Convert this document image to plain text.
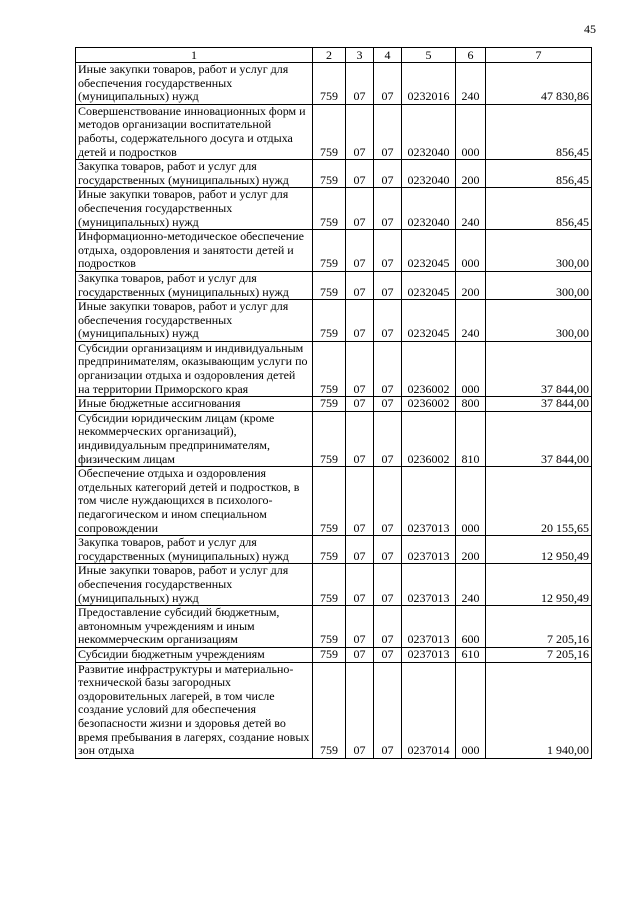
45
1	2	3	4	5	6	7
Иные закупки товаров, работ и услуг для обеспечения государственных (муниципальных) нужд	759	07	07	0232016	240	47 830,86
Совершенствование инновационных форм и методов организации воспитательной работы, содержательного досуга и отдыха детей и подростков	759	07	07	0232040	000	856,45
Закупка товаров, работ и услуг для государственных (муниципальных) нужд	759	07	07	0232040	200	856,45
Иные закупки товаров, работ и услуг для обеспечения государственных (муниципальных) нужд	759	07	07	0232040	240	856,45
Информационно-методическое обеспечение отдыха, оздоровления и занятости детей и подростков	759	07	07	0232045	000	300,00
Закупка товаров, работ и услуг для государственных (муниципальных) нужд	759	07	07	0232045	200	300,00
Иные закупки товаров, работ и услуг для обеспечения государственных (муниципальных) нужд	759	07	07	0232045	240	300,00
Субсидии организациям и индивидуальным предпринимателям, оказывающим услуги по организации отдыха и оздоровления детей на территории Приморского края	759	07	07	0236002	000	37 844,00
Иные бюджетные ассигнования	759	07	07	0236002	800	37 844,00
Субсидии юридическим лицам (кроме некоммерческих организаций), индивидуальным предпринимателям, физическим лицам	759	07	07	0236002	810	37 844,00
Обеспечение отдыха и оздоровления отдельных категорий детей и подростков, в том числе нуждающихся в психолого-педагогическом и ином специальном сопровождении	759	07	07	0237013	000	20 155,65
Закупка товаров, работ и услуг для государственных (муниципальных) нужд	759	07	07	0237013	200	12 950,49
Иные закупки товаров, работ и услуг для обеспечения государственных (муниципальных) нужд	759	07	07	0237013	240	12 950,49
Предоставление субсидий бюджетным, автономным учреждениям и иным некоммерческим организациям	759	07	07	0237013	600	7 205,16
Субсидии бюджетным учреждениям	759	07	07	0237013	610	7 205,16
Развитие инфраструктуры и материально-технической базы загородных оздоровительных лагерей, в том числе создание условий для обеспечения безопасности жизни и здоровья детей во время пребывания в лагерях, создание новых зон отдыха	759	07	07	0237014	000	1 940,00
